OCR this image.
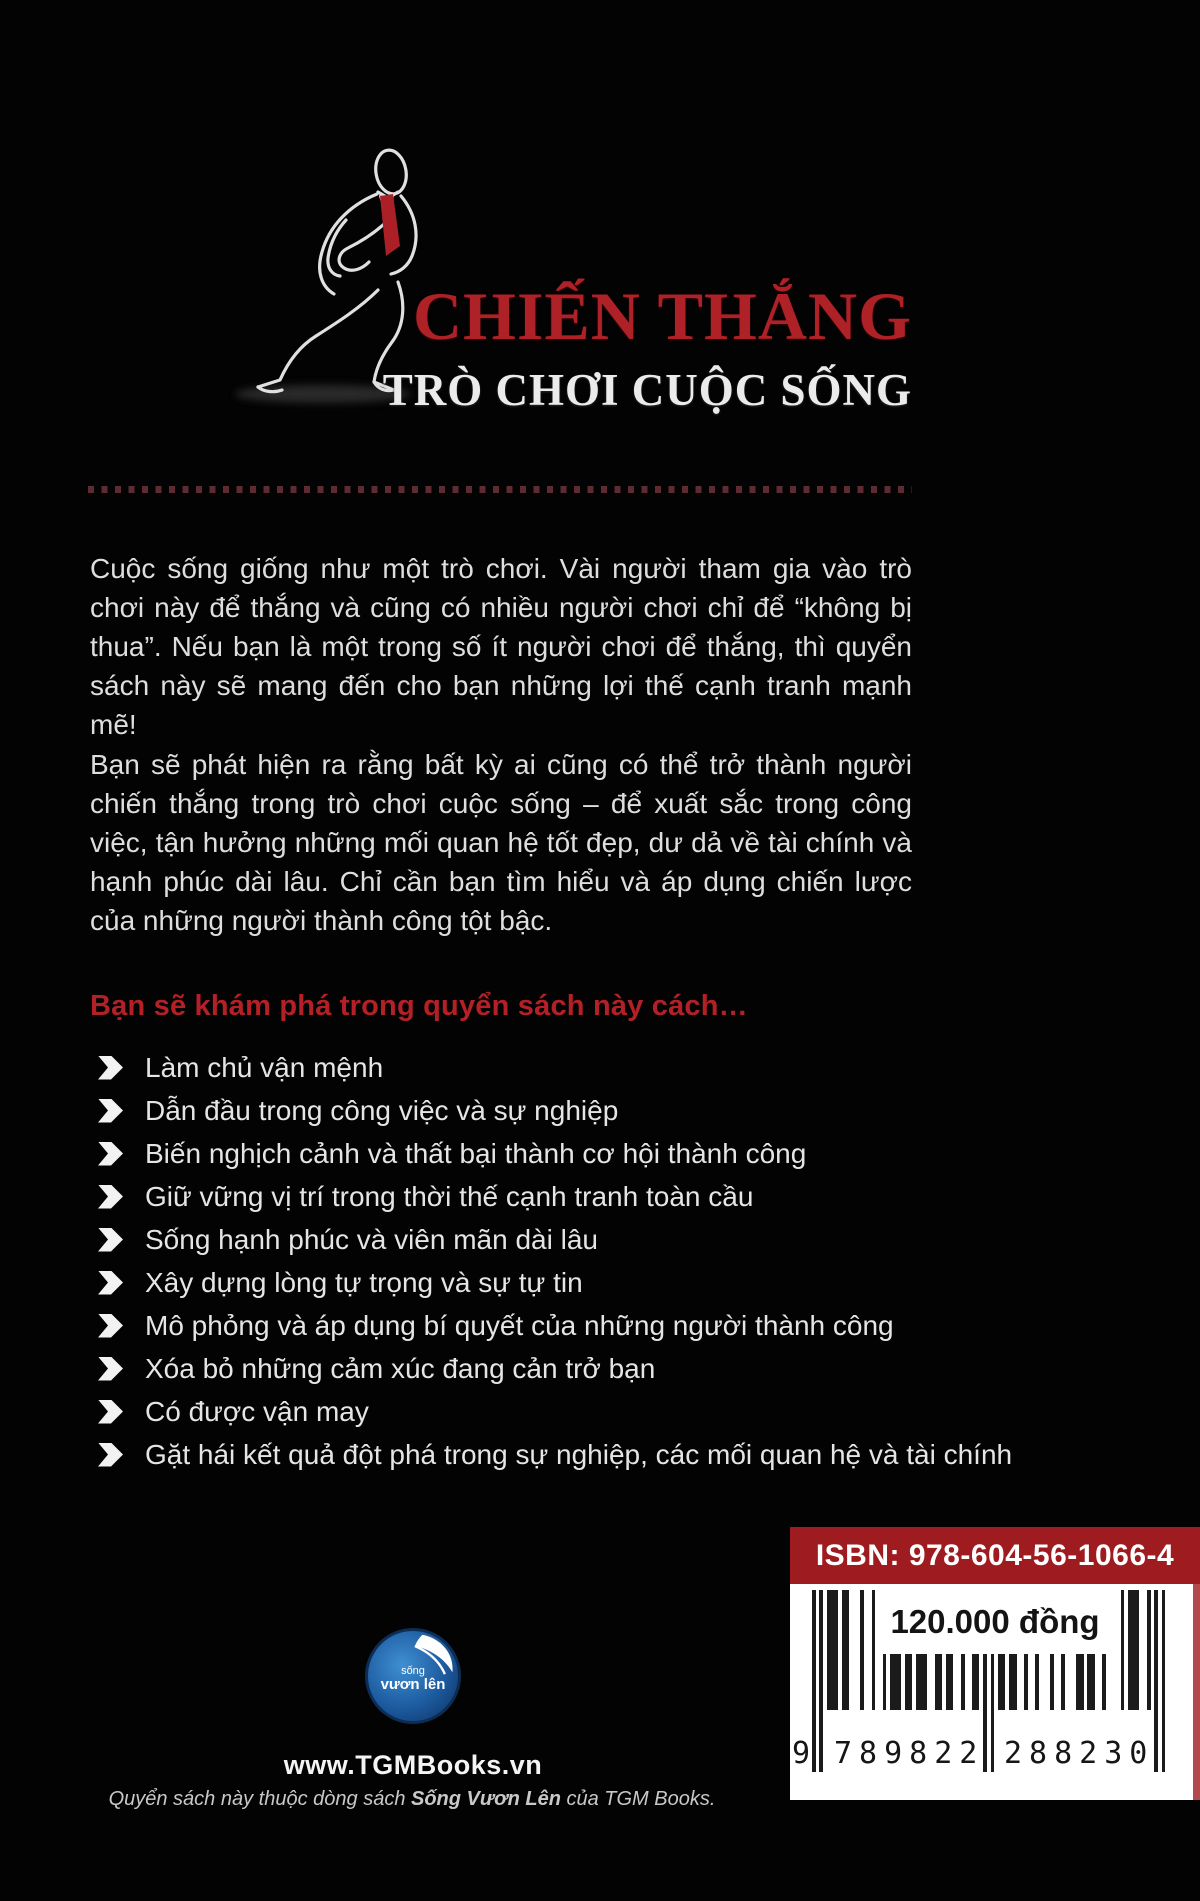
CHIẾN THẮNG
TRÒ CHƠI CUỘC SỐNG
Cuộc sống giống như một trò chơi. Vài người tham gia vào trò chơi này để thắng và cũng có nhiều người chơi chỉ để “không bị thua”. Nếu bạn là một trong số ít người chơi để thắng, thì quyển sách này sẽ mang đến cho bạn những lợi thế cạnh tranh mạnh mẽ!
Bạn sẽ phát hiện ra rằng bất kỳ ai cũng có thể trở thành người chiến thắng trong trò chơi cuộc sống – để xuất sắc trong công việc, tận hưởng những mối quan hệ tốt đẹp, dư dả về tài chính và hạnh phúc dài lâu. Chỉ cần bạn tìm hiểu và áp dụng chiến lược của những người thành công tột bậc.
Bạn sẽ khám phá trong quyển sách này cách…
Làm chủ vận mệnh
Dẫn đầu trong công việc và sự nghiệp
Biến nghịch cảnh và thất bại thành cơ hội thành công
Giữ vững vị trí trong thời thế cạnh tranh toàn cầu
Sống hạnh phúc và viên mãn dài lâu
Xây dựng lòng tự trọng và sự tự tin
Mô phỏng và áp dụng bí quyết của những người thành công
Xóa bỏ những cảm xúc đang cản trở bạn
Có được vận may
Gặt hái kết quả đột phá trong sự nghiệp, các mối quan hệ và tài chính
ISBN: 978-604-56-1066-4
120.000 đồng
9 789822 288230
sống
vươn lên
www.TGMBooks.vn
Quyển sách này thuộc dòng sách Sống Vươn Lên của TGM Books.
